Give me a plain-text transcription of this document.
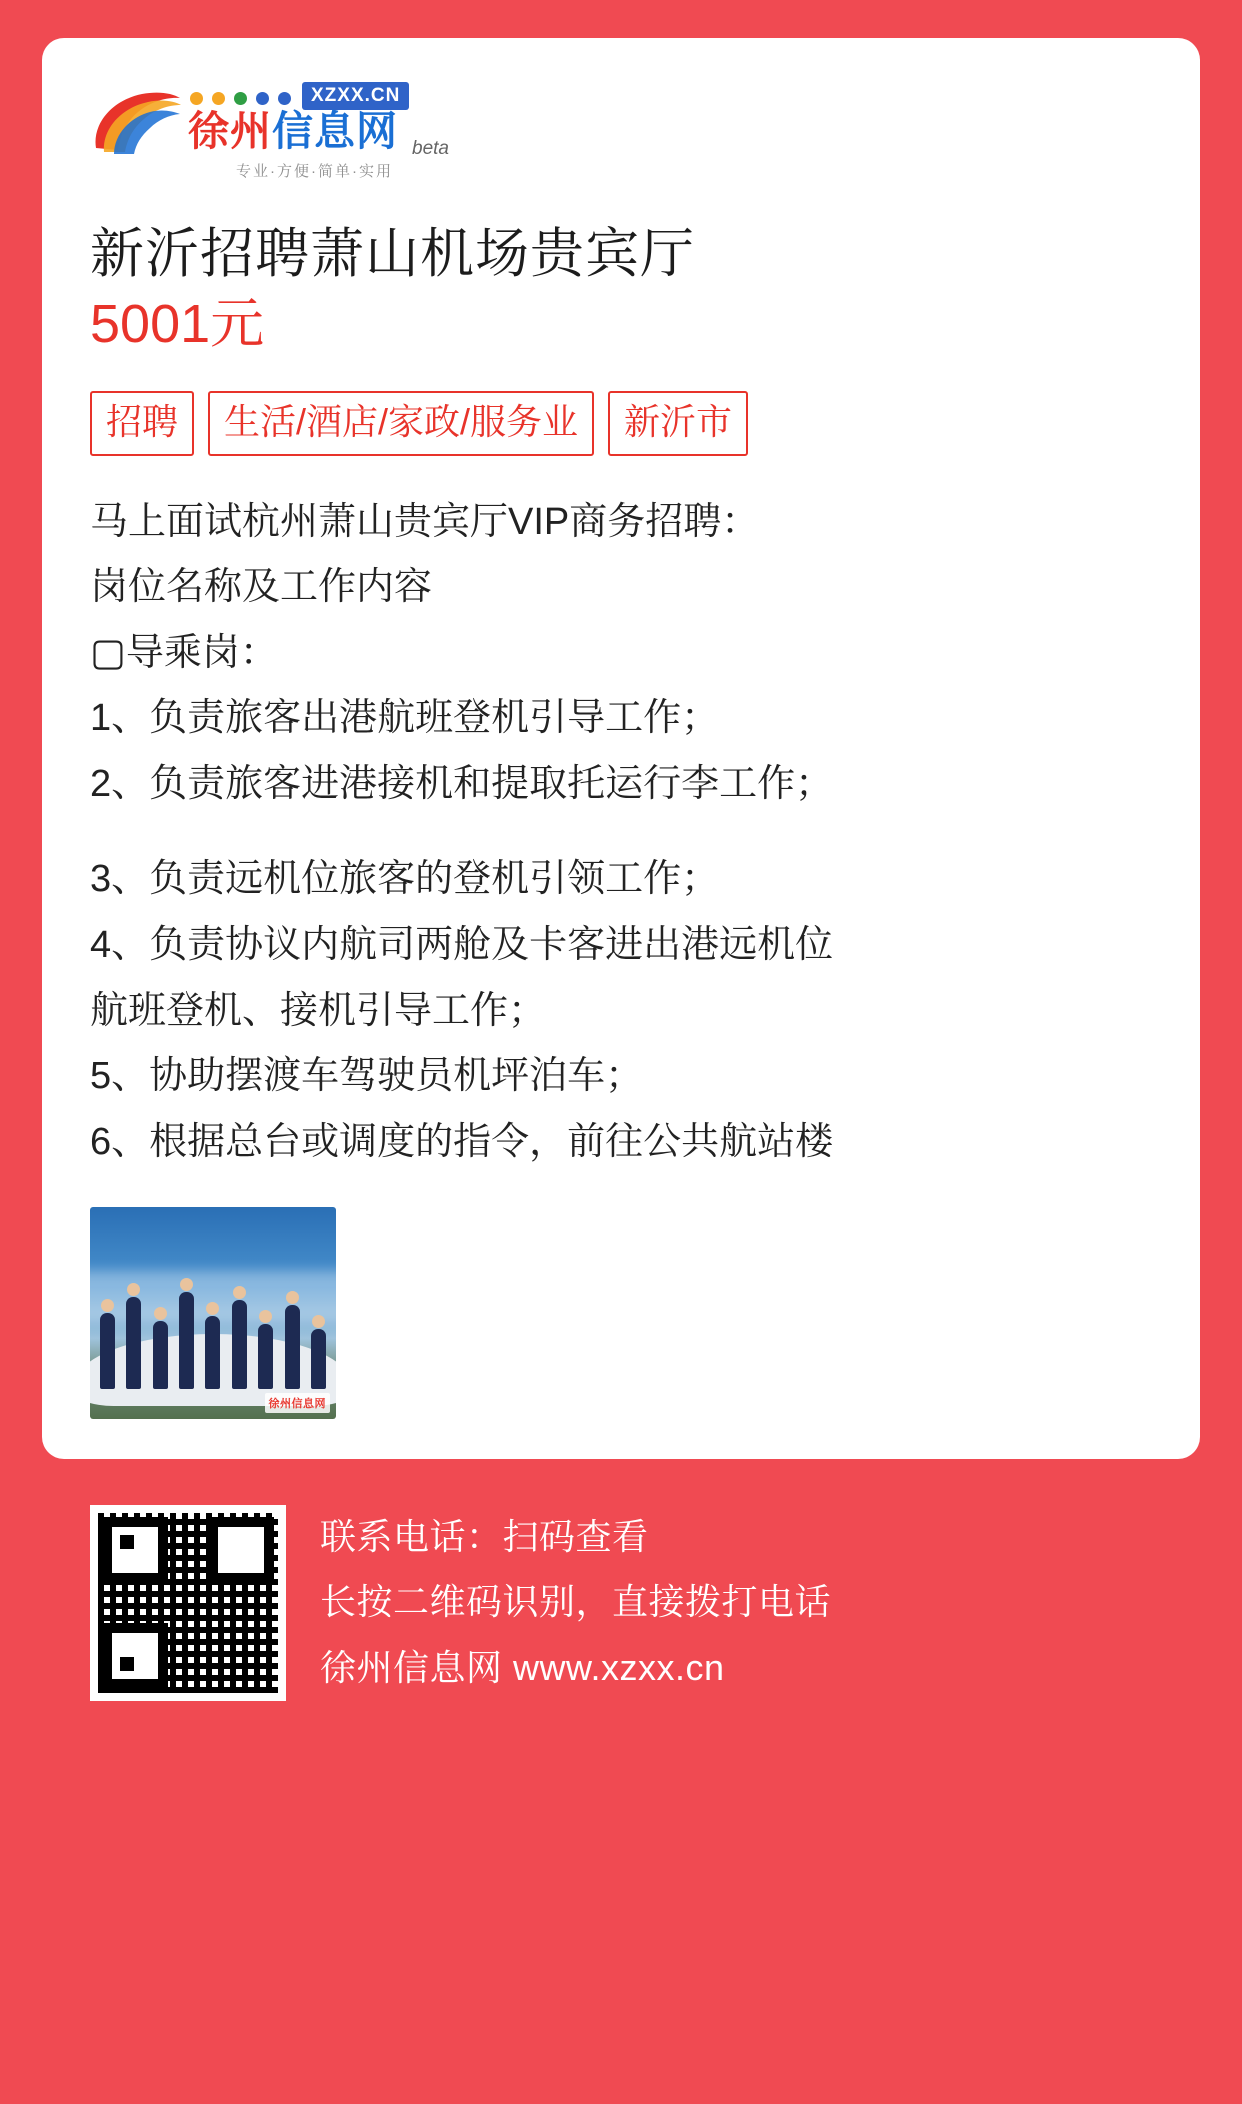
XZXX.CN
徐州信息网 beta
专业·方便·简单·实用
新沂招聘萧山机场贵宾厅
5001元
招聘	生活/酒店/家政/服务业	新沂市

马上面试杭州萧山贵宾厅VIP商务招聘：

岗位名称及工作内容

▢导乘岗：

1、负责旅客出港航班登机引导工作；

2、负责旅客进港接机和提取托运行李工作；

3、负责远机位旅客的登机引领工作；

4、负责协议内航司两舱及卡客进出港远机位

航班登机、接机引导工作；

5、协助摆渡车驾驶员机坪泊车；

6、根据总台或调度的指令，前往公共航站楼

徐州信息网

联系电话：扫码查看

长按二维码识别，直接拨打电话

徐州信息网 www.xzxx.cn
